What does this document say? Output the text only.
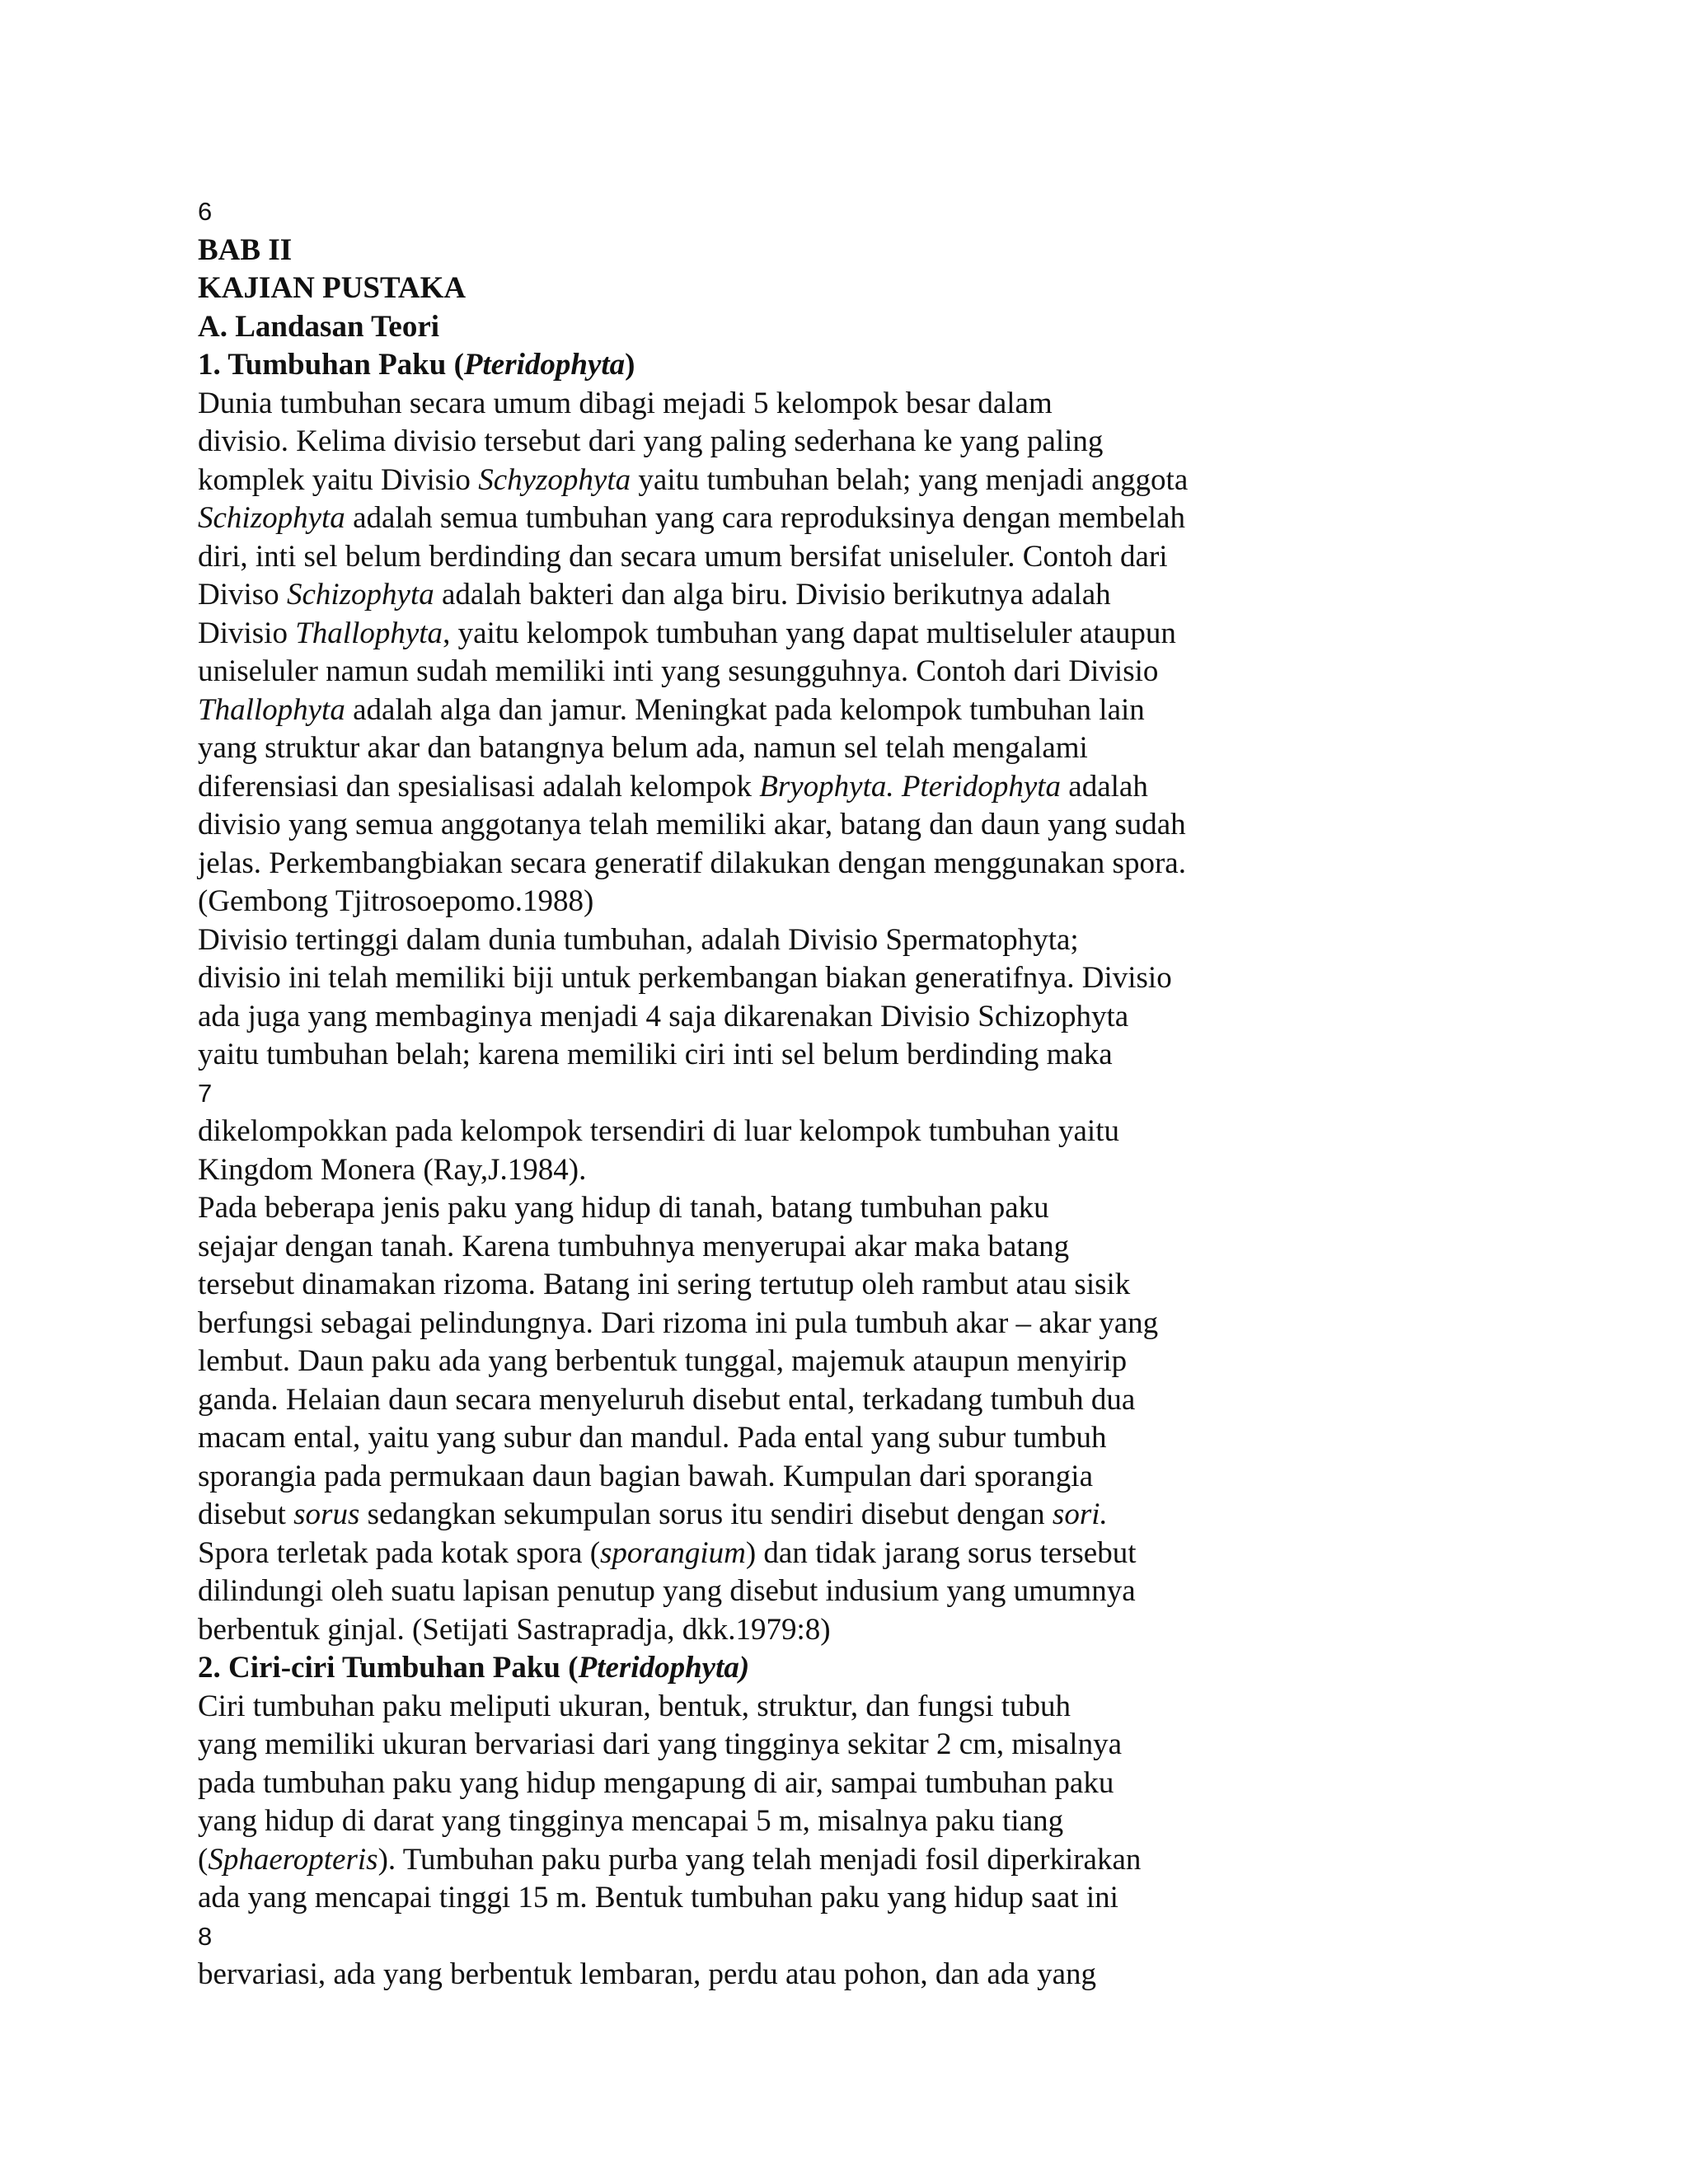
6
BAB II
KAJIAN PUSTAKA
A. Landasan Teori
1. Tumbuhan Paku (Pteridophyta)
Dunia tumbuhan secara umum dibagi mejadi 5 kelompok besar dalam
divisio. Kelima divisio tersebut dari yang paling sederhana ke yang paling
komplek yaitu Divisio Schyzophyta yaitu tumbuhan belah; yang menjadi anggota
Schizophyta adalah semua tumbuhan yang cara reproduksinya dengan membelah
diri, inti sel belum berdinding dan secara umum bersifat uniseluler. Contoh dari
Diviso Schizophyta adalah bakteri dan alga biru. Divisio berikutnya adalah
Divisio Thallophyta, yaitu kelompok tumbuhan yang dapat multiseluler ataupun
uniseluler namun sudah memiliki inti yang sesungguhnya. Contoh dari Divisio
Thallophyta adalah alga dan jamur. Meningkat pada kelompok tumbuhan lain
yang struktur akar dan batangnya belum ada, namun sel telah mengalami
diferensiasi dan spesialisasi adalah kelompok Bryophyta. Pteridophyta adalah
divisio yang semua anggotanya telah memiliki akar, batang dan daun yang sudah
jelas. Perkembangbiakan secara generatif dilakukan dengan menggunakan spora.
(Gembong Tjitrosoepomo.1988)
Divisio tertinggi dalam dunia tumbuhan, adalah Divisio Spermatophyta;
divisio ini telah memiliki biji untuk perkembangan biakan generatifnya. Divisio
ada juga yang membaginya menjadi 4 saja dikarenakan Divisio Schizophyta
yaitu tumbuhan belah; karena memiliki ciri inti sel belum berdinding maka
7
dikelompokkan pada kelompok tersendiri di luar kelompok tumbuhan yaitu
Kingdom Monera (Ray,J.1984).
Pada beberapa jenis paku yang hidup di tanah, batang tumbuhan paku
sejajar dengan tanah. Karena tumbuhnya menyerupai akar maka batang
tersebut dinamakan rizoma. Batang ini sering tertutup oleh rambut atau sisik
berfungsi sebagai pelindungnya. Dari rizoma ini pula tumbuh akar – akar yang
lembut. Daun paku ada yang berbentuk tunggal, majemuk ataupun menyirip
ganda. Helaian daun secara menyeluruh disebut ental, terkadang tumbuh dua
macam ental, yaitu yang subur dan mandul. Pada ental yang subur tumbuh
sporangia pada permukaan daun bagian bawah. Kumpulan dari sporangia
disebut sorus sedangkan sekumpulan sorus itu sendiri disebut dengan sori.
Spora terletak pada kotak spora (sporangium) dan tidak jarang sorus tersebut
dilindungi oleh suatu lapisan penutup yang disebut indusium yang umumnya
berbentuk ginjal. (Setijati Sastrapradja, dkk.1979:8)
2. Ciri-ciri Tumbuhan Paku (Pteridophyta)
Ciri tumbuhan paku meliputi ukuran, bentuk, struktur, dan fungsi tubuh
yang memiliki ukuran bervariasi dari yang tingginya sekitar 2 cm, misalnya
pada tumbuhan paku yang hidup mengapung di air, sampai tumbuhan paku
yang hidup di darat yang tingginya mencapai 5 m, misalnya paku tiang
(Sphaeropteris). Tumbuhan paku purba yang telah menjadi fosil diperkirakan
ada yang mencapai tinggi 15 m. Bentuk tumbuhan paku yang hidup saat ini
8
bervariasi, ada yang berbentuk lembaran, perdu atau pohon, dan ada yang
